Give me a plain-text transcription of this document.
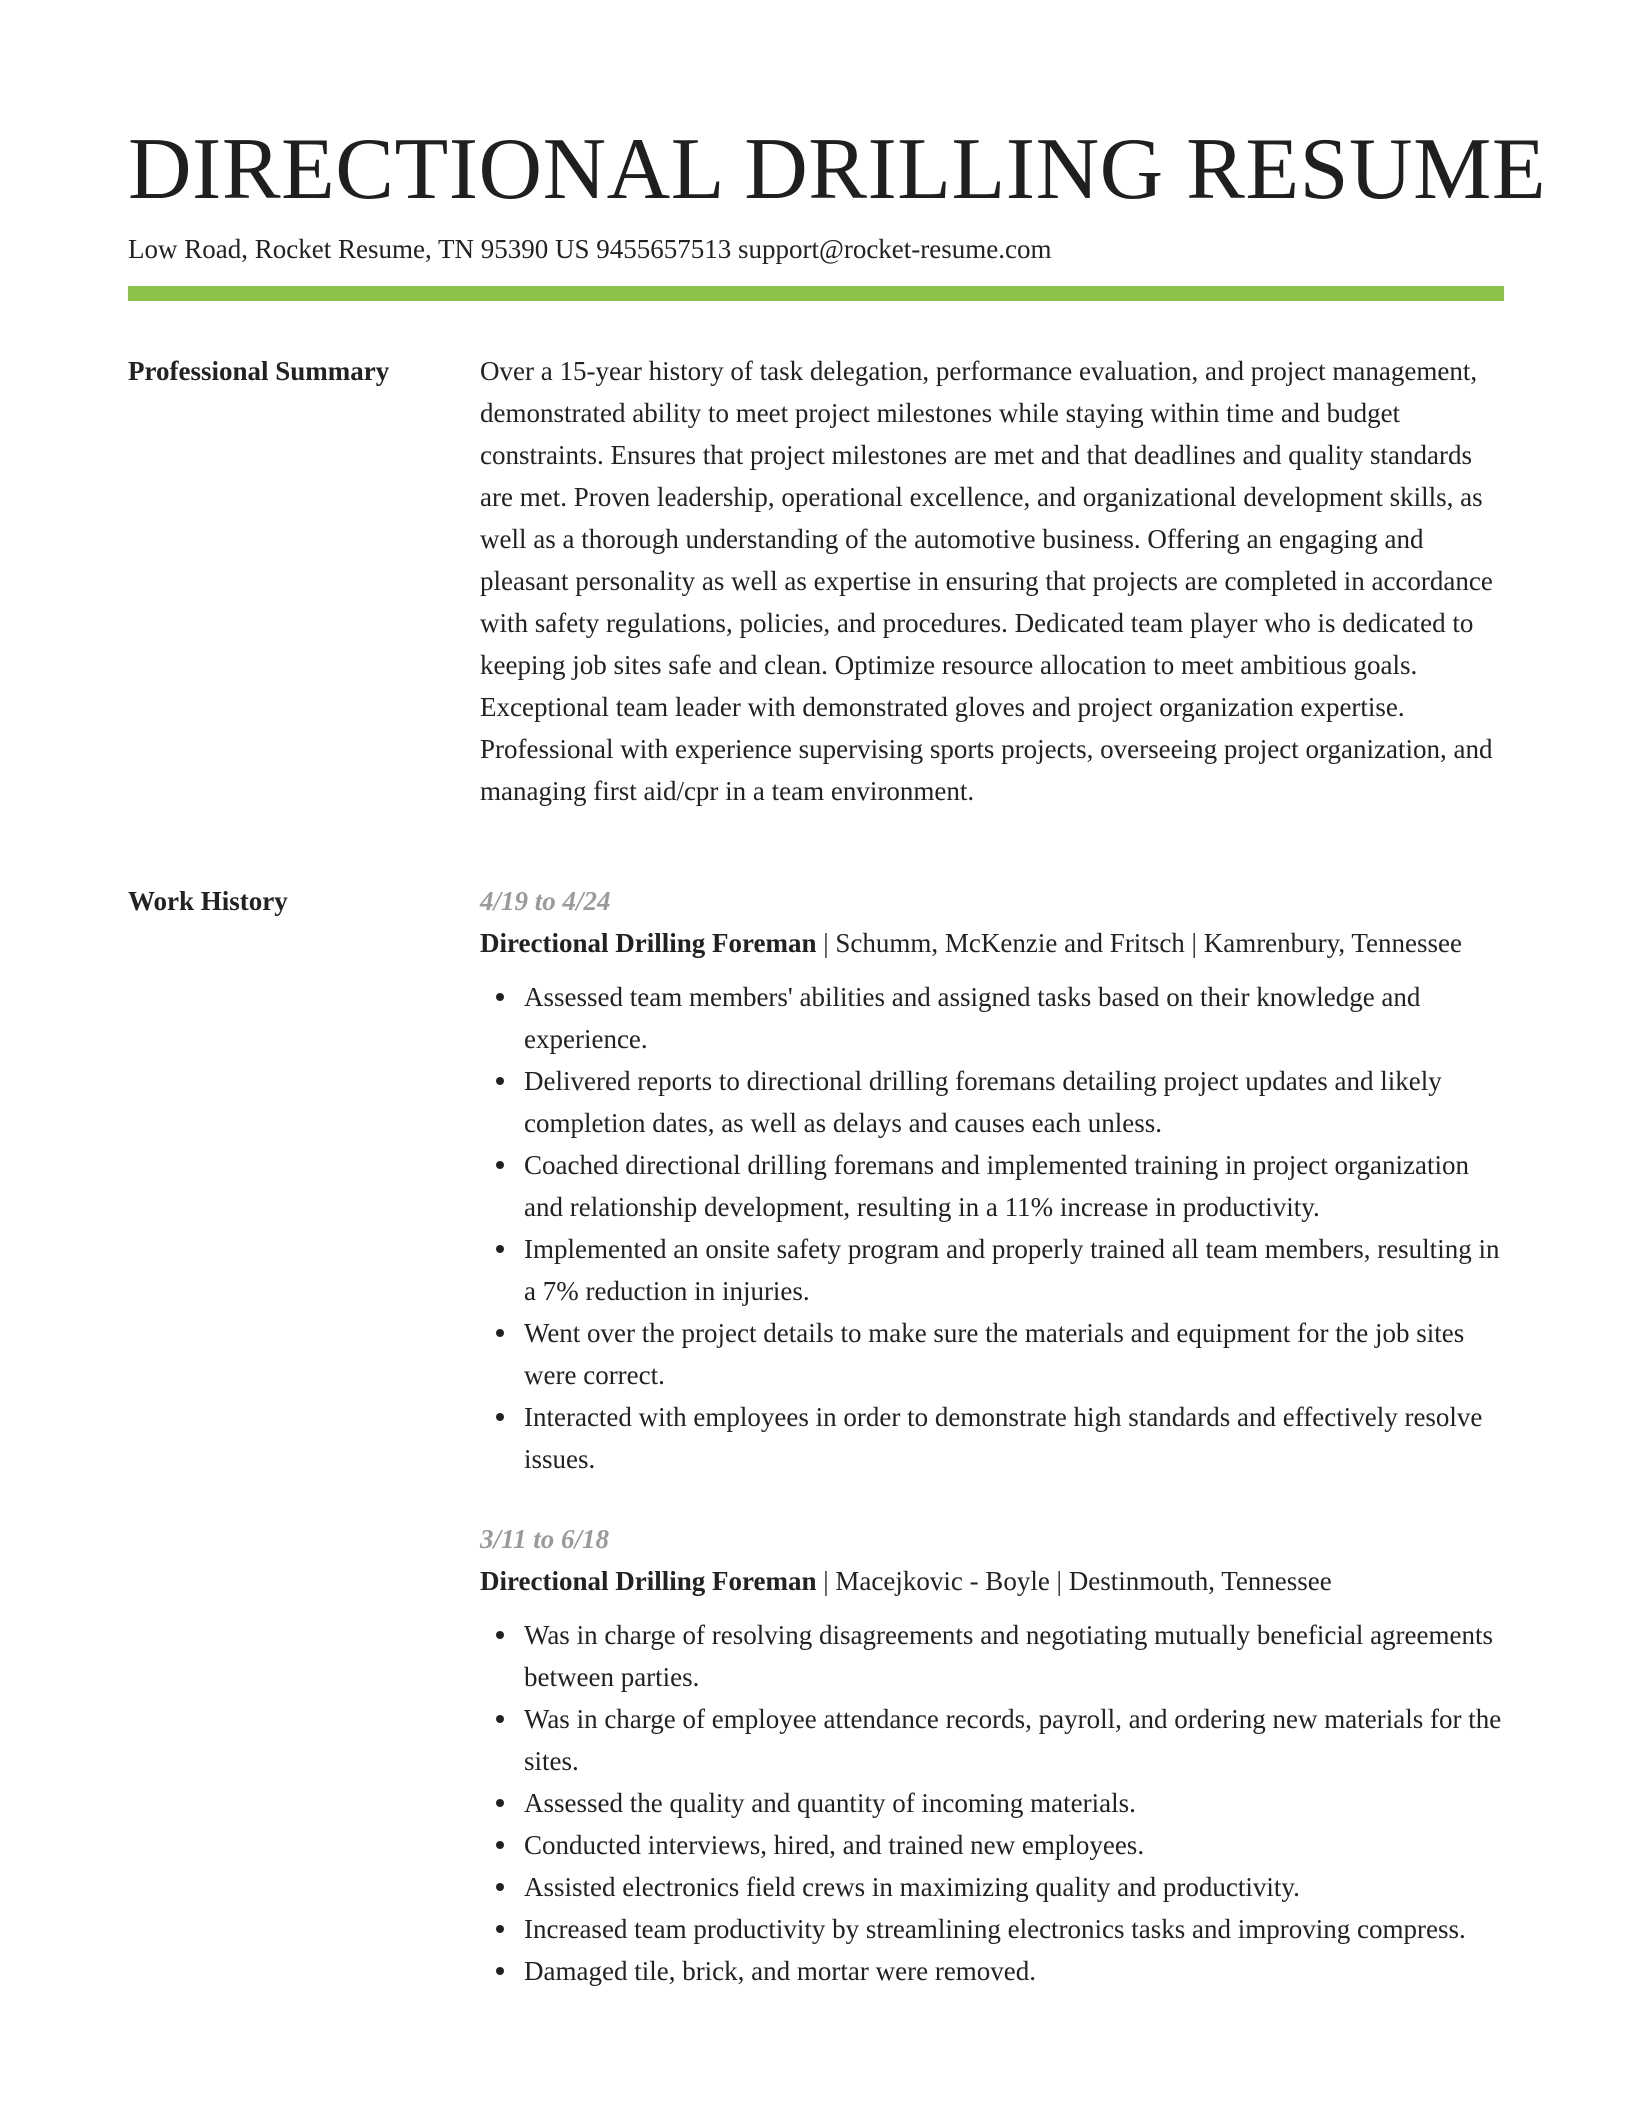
DIRECTIONAL DRILLING RESUME
Low Road, Rocket Resume, TN 95390 US 9455657513 support@rocket-resume.com
Professional Summary	Over a 15-year history of task delegation, performance evaluation, and project management, demonstrated ability to meet project milestones while staying within time and budget constraints. Ensures that project milestones are met and that deadlines and quality standards are met. Proven leadership, operational excellence, and organizational development skills, as well as a thorough understanding of the automotive business. Offering an engaging and pleasant personality as well as expertise in ensuring that projects are completed in accordance with safety regulations, policies, and procedures. Dedicated team player who is dedicated to keeping job sites safe and clean. Optimize resource allocation to meet ambitious goals. Exceptional team leader with demonstrated gloves and project organization expertise. Professional with experience supervising sports projects, overseeing project organization, and managing first aid/cpr in a team environment.

Work History	4/19 to 4/24
Directional Drilling Foreman | Schumm, McKenzie and Fritsch | Kamrenbury, Tennessee
Assessed team members' abilities and assigned tasks based on their knowledge and experience.
Delivered reports to directional drilling foremans detailing project updates and likely completion dates, as well as delays and causes each unless.
Coached directional drilling foremans and implemented training in project organization and relationship development, resulting in a 11% increase in productivity.
Implemented an onsite safety program and properly trained all team members, resulting in a 7% reduction in injuries.
Went over the project details to make sure the materials and equipment for the job sites were correct.
Interacted with employees in order to demonstrate high standards and effectively resolve issues.
3/11 to 6/18
Directional Drilling Foreman | Macejkovic - Boyle | Destinmouth, Tennessee
Was in charge of resolving disagreements and negotiating mutually beneficial agreements between parties.
Was in charge of employee attendance records, payroll, and ordering new materials for the sites.
Assessed the quality and quantity of incoming materials.
Conducted interviews, hired, and trained new employees.
Assisted electronics field crews in maximizing quality and productivity.
Increased team productivity by streamlining electronics tasks and improving compress.
Damaged tile, brick, and mortar were removed.
